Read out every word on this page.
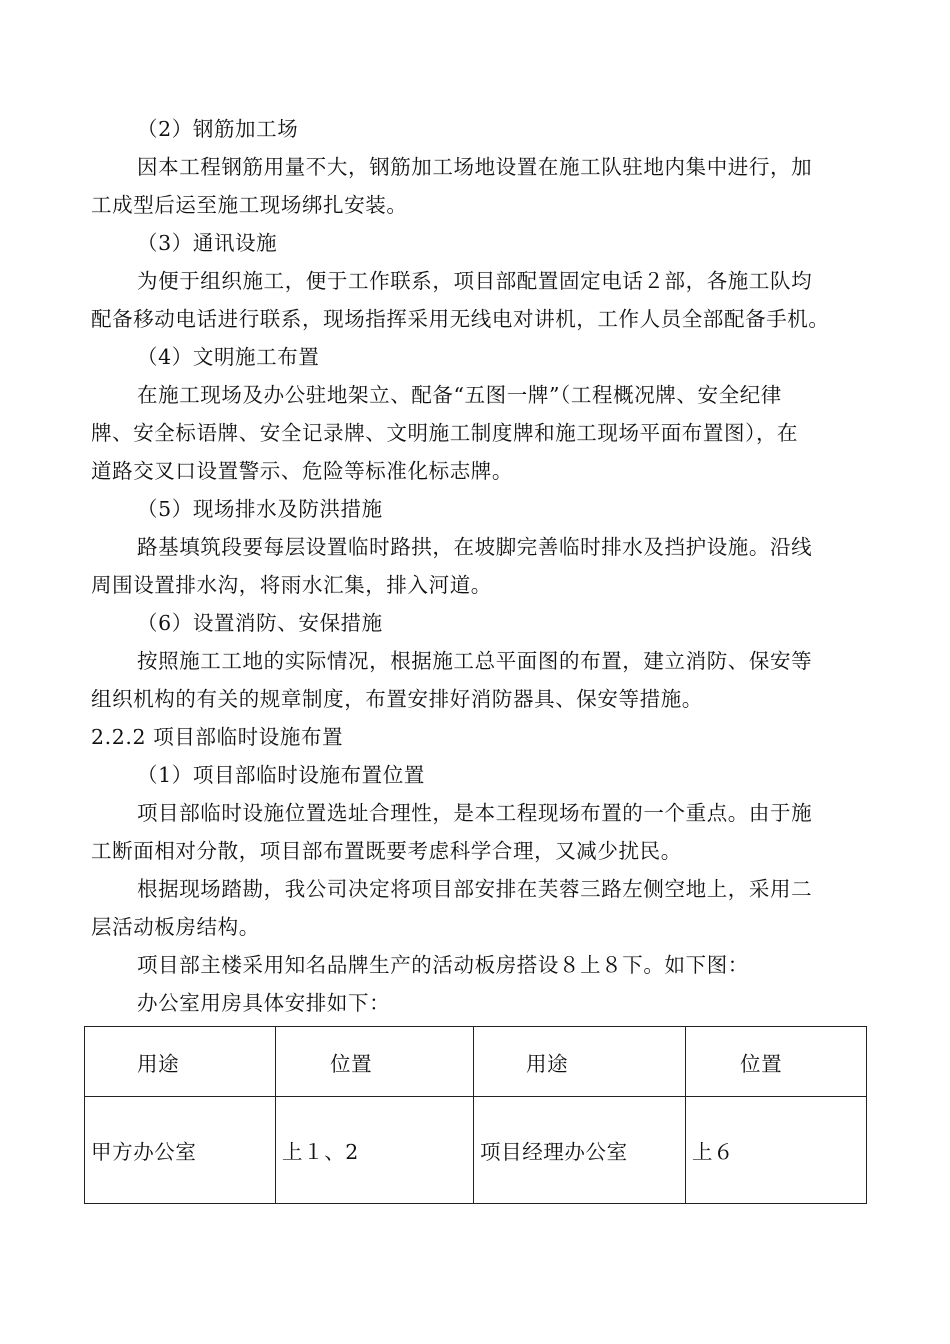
（2）钢筋加工场
因本工程钢筋用量不大，钢筋加工场地设置在施工队驻地内集中进行，加
工成型后运至施工现场绑扎安装。
（3）通讯设施
为便于组织施工，便于工作联系，项目部配置固定电话２部，各施工队均
配备移动电话进行联系，现场指挥采用无线电对讲机，工作人员全部配备手机。
（4）文明施工布置
在施工现场及办公驻地架立、配备“五图一牌”（工程概况牌、安全纪律
牌、安全标语牌、安全记录牌、文明施工制度牌和施工现场平面布置图），在
道路交叉口设置警示、危险等标准化标志牌。
（5）现场排水及防洪措施
路基填筑段要每层设置临时路拱，在坡脚完善临时排水及挡护设施。沿线
周围设置排水沟，将雨水汇集，排入河道。
（6）设置消防、安保措施
按照施工工地的实际情况，根据施工总平面图的布置，建立消防、保安等
组织机构的有关的规章制度，布置安排好消防器具、保安等措施。
2.2.2 项目部临时设施布置
（1）项目部临时设施布置位置
项目部临时设施位置选址合理性，是本工程现场布置的一个重点。由于施
工断面相对分散，项目部布置既要考虑科学合理，又减少扰民。
根据现场踏勘，我公司决定将项目部安排在芙蓉三路左侧空地上，采用二
层活动板房结构。
项目部主楼采用知名品牌生产的活动板房搭设８上８下。如下图：
办公室用房具体安排如下：
用途	位置	用途	位置
甲方办公室	上１、2	项目经理办公室	上６
